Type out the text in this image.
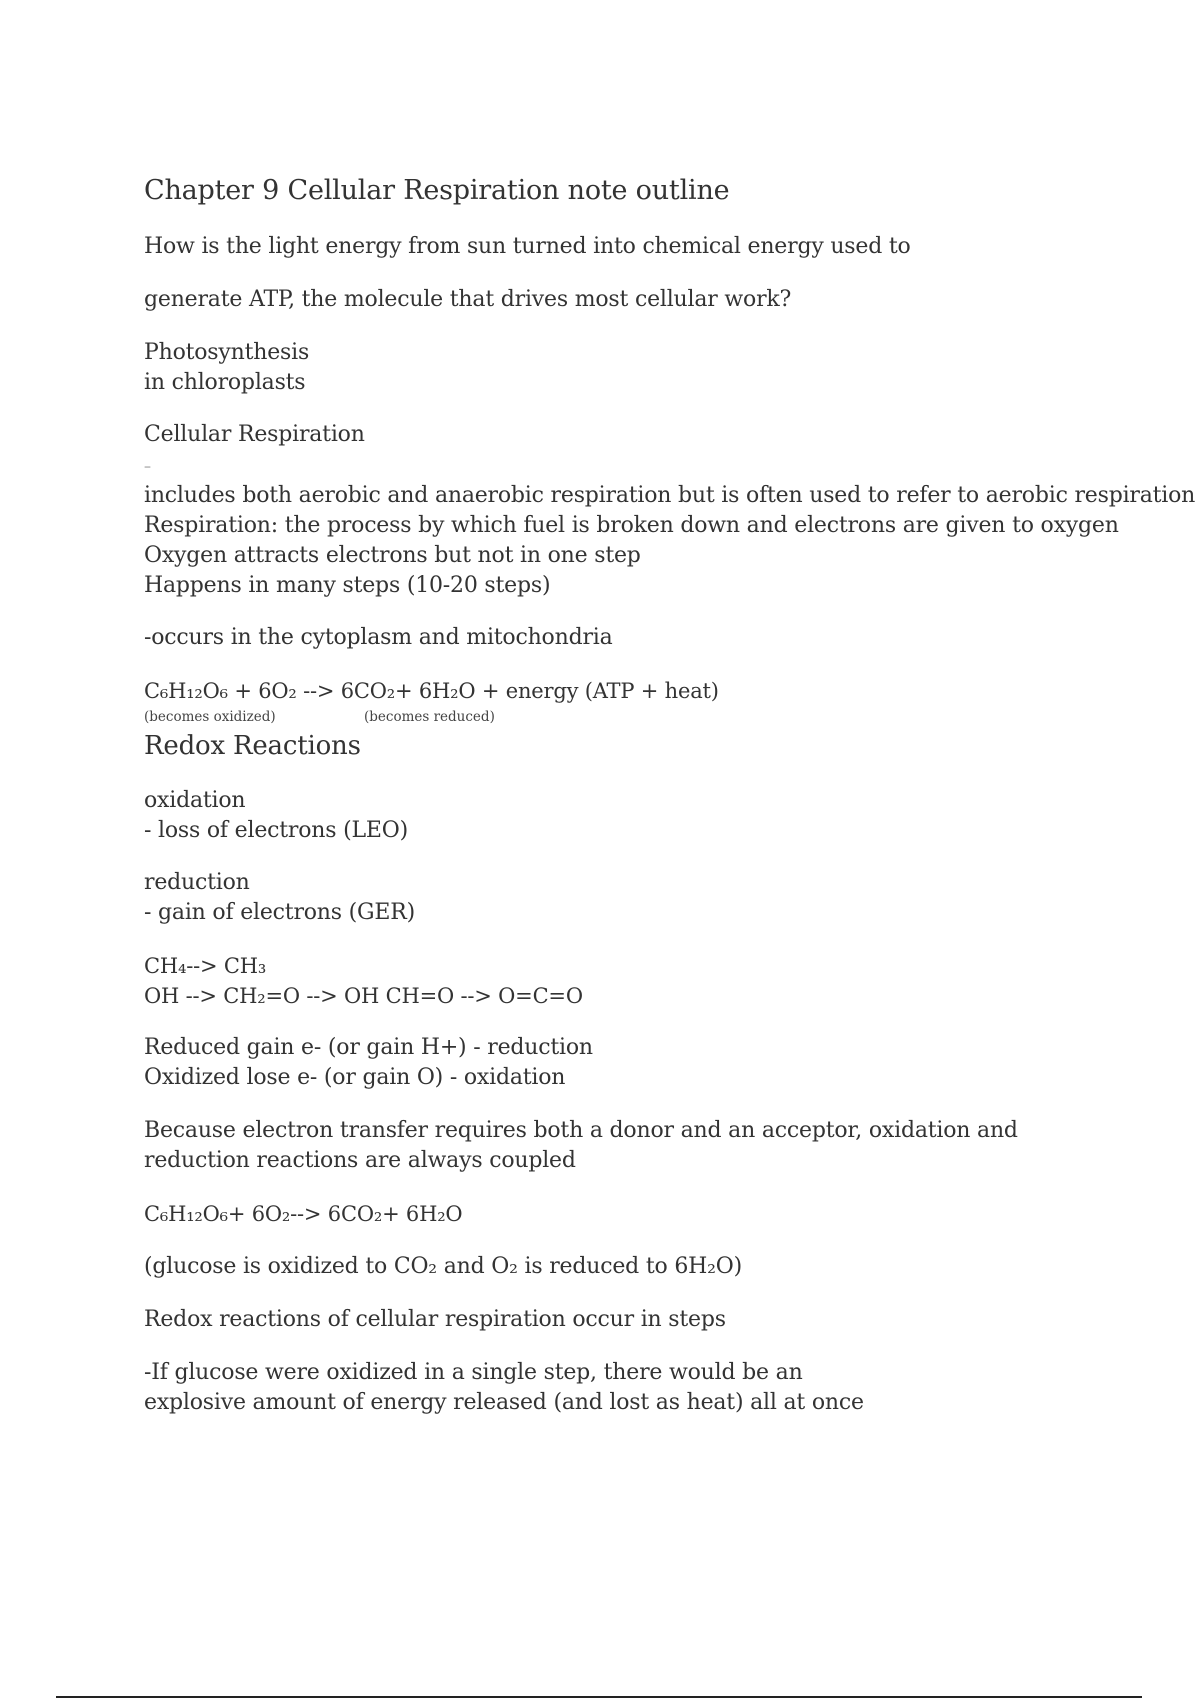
Chapter 9 Cellular Respiration note outline
How is the light energy from sun turned into chemical energy used to
generate ATP, the molecule that drives most cellular work?
Photosynthesis
in chloroplasts
Cellular Respiration
–
includes both aerobic and anaerobic respiration but is often used to refer to aerobic respiration
Respiration: the process by which fuel is broken down and electrons are given to oxygen
Oxygen attracts electrons but not in one step
Happens in many steps (10-20 steps)
-occurs in the cytoplasm and mitochondria
C₆H₁₂O₆ + 6O₂ --> 6CO₂+ 6H₂O + energy (ATP + heat)
(becomes oxidized)	(becomes reduced)
Redox Reactions
oxidation
- loss of electrons (LEO)
reduction
- gain of electrons (GER)
CH₄--> CH₃
OH --> CH₂=O --> OH CH=O --> O=C=O
Reduced gain e- (or gain H+) - reduction
Oxidized lose e- (or gain O) - oxidation
Because electron transfer requires both a donor and an acceptor, oxidation and
reduction reactions are always coupled
C₆H₁₂O₆+ 6O₂--> 6CO₂+ 6H₂O
(glucose is oxidized to CO₂ and O₂ is reduced to 6H₂O)
Redox reactions of cellular respiration occur in steps
-If glucose were oxidized in a single step, there would be an
explosive amount of energy released (and lost as heat) all at once
